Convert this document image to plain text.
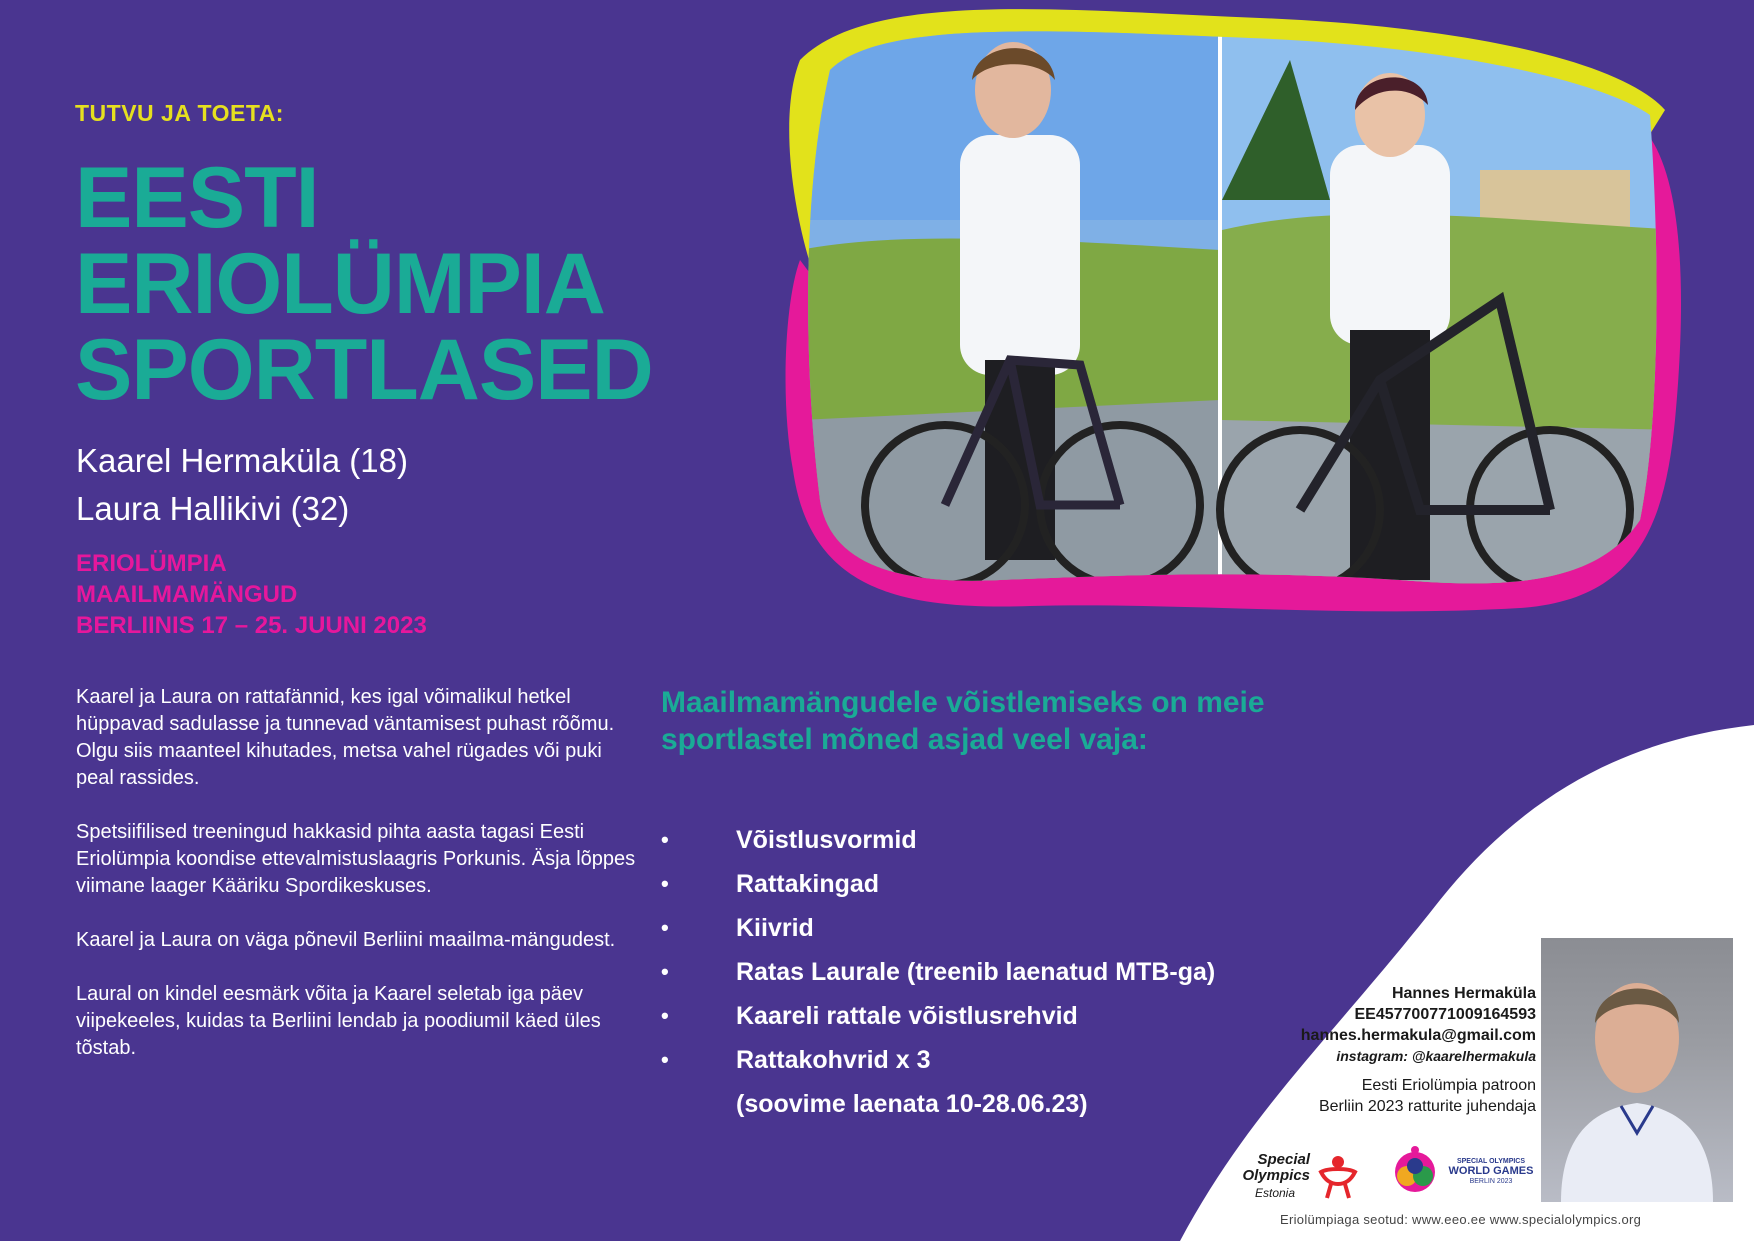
TUTVU JA TOETA:
EESTI
ERIOLÜMPIA
SPORTLASED
Kaarel Hermaküla (18)
Laura Hallikivi (32)
ERIOLÜMPIA
MAAILMAMÄNGUD
BERLIINIS 17 – 25. JUUNI 2023

Kaarel ja Laura on rattafännid, kes igal võimalikul hetkel hüppavad sadulasse ja tunnevad väntamisest puhast rõõmu. Olgu siis maanteel kihutades, metsa vahel rügades või puki peal rassides.

Spetsiifilised treeningud hakkasid pihta aasta tagasi Eesti Eriolümpia koondise ettevalmistuslaagris Porkunis. Äsja lõppes viimane laager Kääriku Spordikeskuses.

Kaarel ja Laura on väga põnevil Berliini maailma-mängudest.

Laural on kindel eesmärk võita ja Kaarel seletab iga päev viipekeeles, kuidas ta Berliini lendab ja poodiumil käed üles tõstab.

Maailmamängudele võistlemiseks on meie sportlastel mõned asjad veel vaja:
•	Võistlusvormid
•	Rattakingad
•	Kiivrid
•	Ratas Laurale (treenib laenatud MTB-ga)
•	Kaareli rattale võistlusrehvid
•	Rattakohvrid x 3
(soovime laenata 10-28.06.23)
Hannes Hermaküla
EE457700771009164593
hannes.hermakula@gmail.com
instagram: @kaarelhermakula
Eesti Eriolümpia patroon
Berliin 2023 ratturite juhendaja
Special
Olympics
Estonia
SPECIAL OLYMPICS
WORLD GAMES
BERLIN 2023
Eriolümpiaga seotud: www.eeo.ee www.specialolympics.org
